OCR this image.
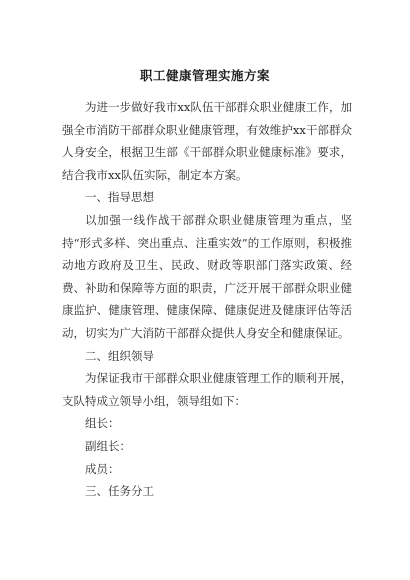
职工健康管理实施方案

为进一步做好我市xx队伍干部群众职业健康工作，加强全市消防干部群众职业健康管理，有效维护xx干部群众人身安全，根据卫生部《干部群众职业健康标准》要求，结合我市xx队伍实际，制定本方案。

一、指导思想

以加强一线作战干部群众职业健康管理为重点，坚持“形式多样、突出重点、注重实效”的工作原则，积极推动地方政府及卫生、民政、财政等职部门落实政策、经费、补助和保障等方面的职责，广泛开展干部群众职业健康监护、健康管理、健康保障、健康促进及健康评估等活动，切实为广大消防干部群众提供人身安全和健康保证。

二、组织领导

为保证我市干部群众职业健康管理工作的顺利开展，支队特成立领导小组，领导组如下：

组长：

副组长：

成员：

三、任务分工
